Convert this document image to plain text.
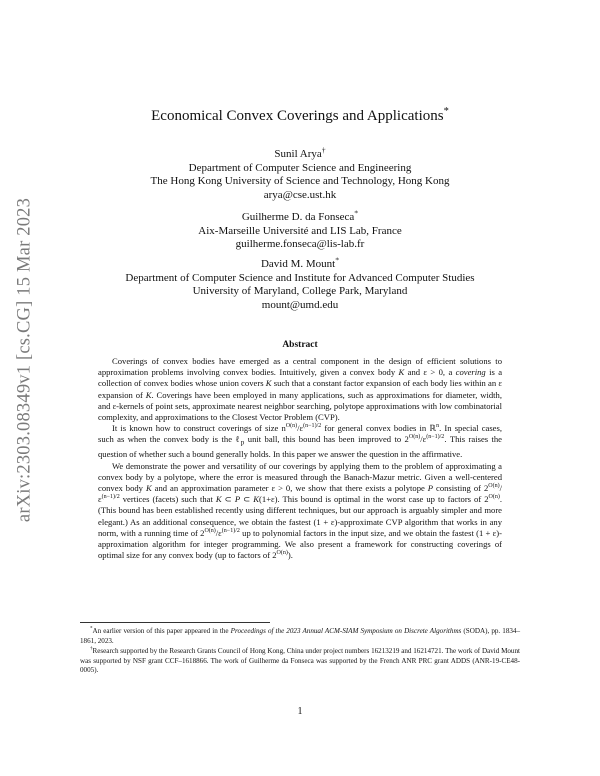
arXiv:2303.08349v1 [cs.CG] 15 Mar 2023
Economical Convex Coverings and Applications*
Sunil Arya†
Department of Computer Science and Engineering
The Hong Kong University of Science and Technology, Hong Kong
arya@cse.ust.hk
Guilherme D. da Fonseca*
Aix-Marseille Université and LIS Lab, France
guilherme.fonseca@lis-lab.fr
David M. Mount*
Department of Computer Science and Institute for Advanced Computer Studies
University of Maryland, College Park, Maryland
mount@umd.edu
Abstract

Coverings of convex bodies have emerged as a central component in the design of efficient solutions to approximation problems involving convex bodies. Intuitively, given a convex body K and ε > 0, a covering is a collection of convex bodies whose union covers K such that a constant factor expansion of each body lies within an ε expansion of K. Coverings have been employed in many applications, such as approximations for diameter, width, and ε-kernels of point sets, approximate nearest neighbor searching, polytope approximations with low combinatorial complexity, and approximations to the Closest Vector Problem (CVP).

It is known how to construct coverings of size $n^{O(n)}/\varepsilon^{(n-1)/2}$ for general convex bodies in ℝ$^n$. In special cases, such as when the convex body is the ℓ$_p$ unit ball, this bound has been improved to $2^{O(n)}/\varepsilon^{(n-1)/2}$. This raises the question of whether such a bound generally holds. In this paper we answer the question in the affirmative.

We demonstrate the power and versatility of our coverings by applying them to the problem of approximating a convex body by a polytope, where the error is measured through the Banach-Mazur metric. Given a well-centered convex body K and an approximation parameter ε > 0, we show that there exists a polytope P consisting of $2^{O(n)}/\varepsilon^{(n-1)/2}$ vertices (facets) such that K ⊂ P ⊂ K(1+ε). This bound is optimal in the worst case up to factors of $2^{O(n)}$. (This bound has been established recently using different techniques, but our approach is arguably simpler and more elegant.) As an additional consequence, we obtain the fastest (1 + ε)-approximate CVP algorithm that works in any norm, with a running time of $2^{O(n)}/\varepsilon^{(n-1)/2}$ up to polynomial factors in the input size, and we obtain the fastest (1 + ε)-approximation algorithm for integer programming. We also present a framework for constructing coverings of optimal size for any convex body (up to factors of $2^{O(n)}$).

*An earlier version of this paper appeared in the Proceedings of the 2023 Annual ACM-SIAM Symposium on Discrete Algorithms (SODA), pp. 1834–1861, 2023.

†Research supported by the Research Grants Council of Hong Kong, China under project numbers 16213219 and 16214721. The work of David Mount was supported by NSF grant CCF–1618866. The work of Guilherme da Fonseca was supported by the French ANR PRC grant ADDS (ANR-19-CE48-0005).

1
